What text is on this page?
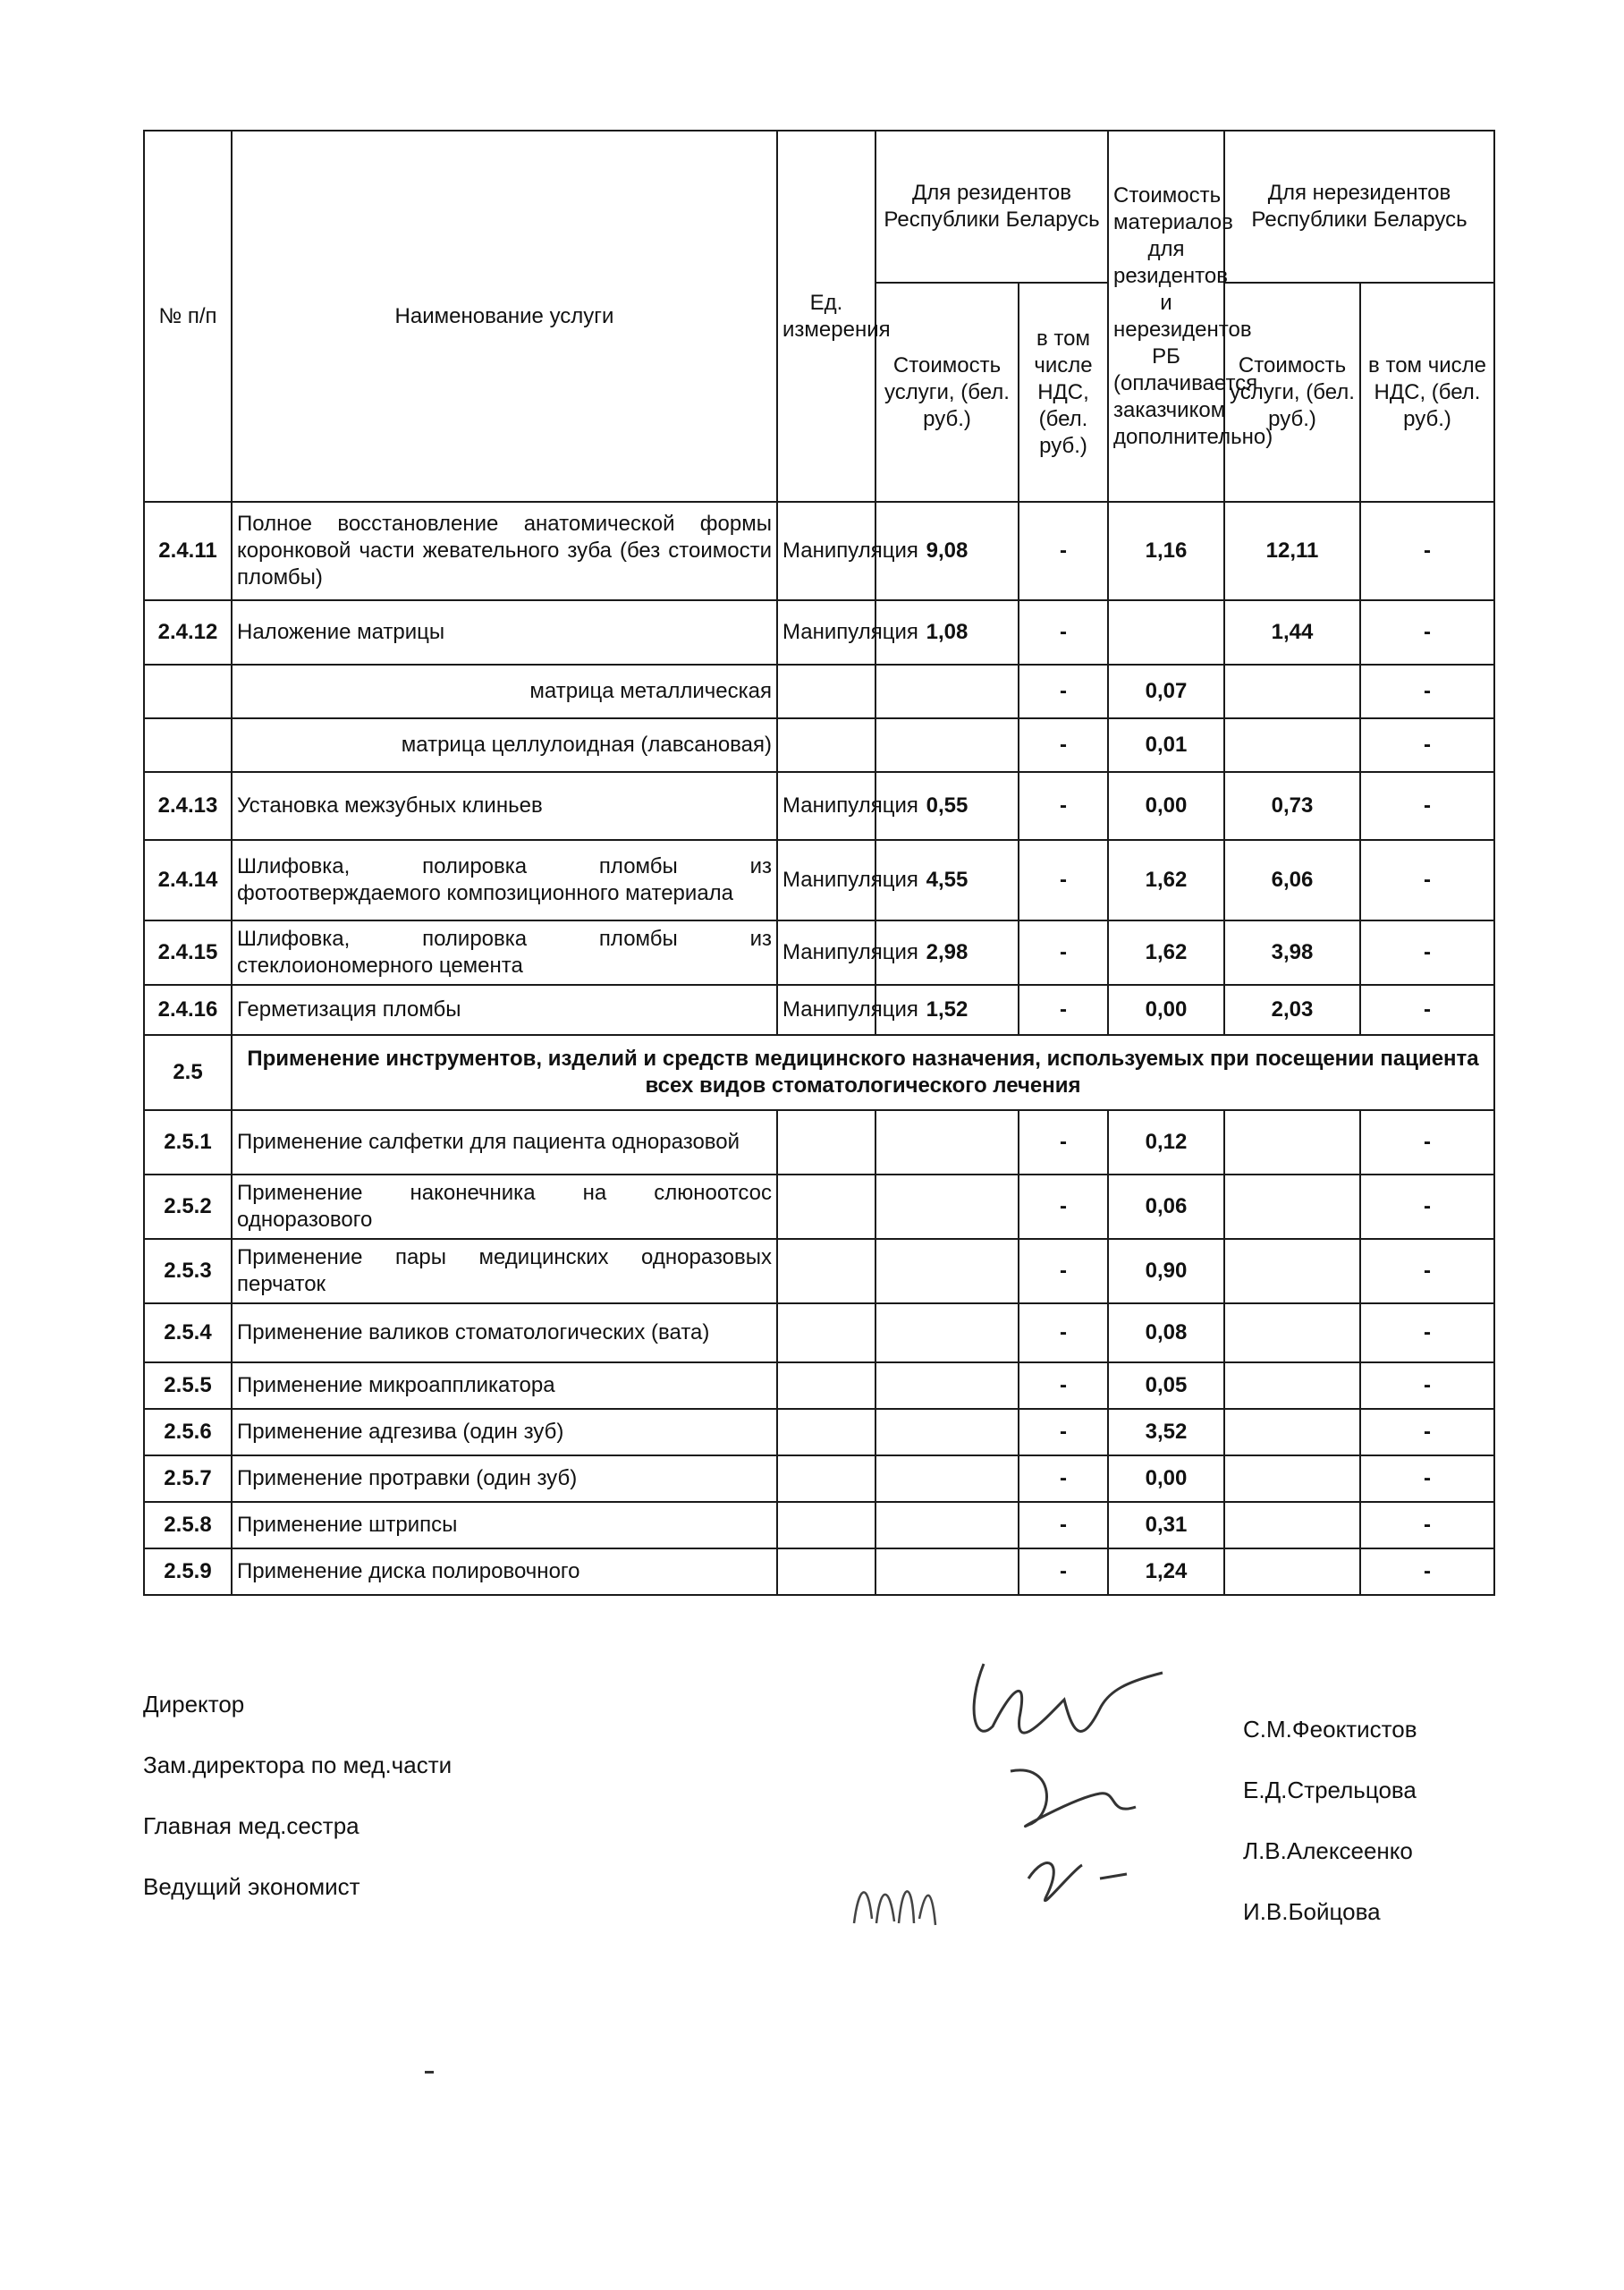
№ п/п	Наименование услуги	Ед. измерения	Для резидентов Республики Беларусь		Стоимость материалов для резидентов и нерезидентов РБ (оплачивается заказчиком дополнительно)	Для нерезидентов Республики Беларусь	
			Стоимость услуги, (бел. руб.)	в том числе НДС, (бел. руб.)		Стоимость услуги, (бел. руб.)	в том числе НДС, (бел. руб.)
2.4.11	Полное восстановление анатомической формы коронковой части жевательного зуба (без стоимости пломбы)	Манипуляция	9,08	-	1,16	12,11	-
2.4.12	Наложение матрицы	Манипуляция	1,08	-		1,44	-
	матрица металлическая			-	0,07		-
	матрица целлулоидная (лавсановая)			-	0,01		-
2.4.13	Установка межзубных клиньев	Манипуляция	0,55	-	0,00	0,73	-
2.4.14	Шлифовка, полировка пломбы из фотоотверждаемого композиционного материала	Манипуляция	4,55	-	1,62	6,06	-
2.4.15	Шлифовка, полировка пломбы из стеклоиономерного цемента	Манипуляция	2,98	-	1,62	3,98	-
2.4.16	Герметизация пломбы	Манипуляция	1,52	-	0,00	2,03	-
2.5	Применение инструментов, изделий и средств медицинского назначения, используемых при посещении пациента всех видов стоматологического лечения						
2.5.1	Применение салфетки для пациента одноразовой			-	0,12		-
2.5.2	Применение наконечника на слюноотсос одноразового			-	0,06		-
2.5.3	Применение пары медицинских одноразовых перчаток			-	0,90		-
2.5.4	Применение валиков стоматологических (вата)			-	0,08		-
2.5.5	Применение микроаппликатора			-	0,05		-
2.5.6	Применение адгезива (один зуб)			-	3,52		-
2.5.7	Применение протравки (один зуб)			-	0,00		-
2.5.8	Применение штрипсы			-	0,31		-
2.5.9	Применение диска полировочного			-	1,24		-
Директор
С.М.Феоктистов
Зам.директора по мед.части
Е.Д.Стрельцова
Главная мед.сестра
Л.В.Алексеенко
Ведущий экономист
И.В.Бойцова
